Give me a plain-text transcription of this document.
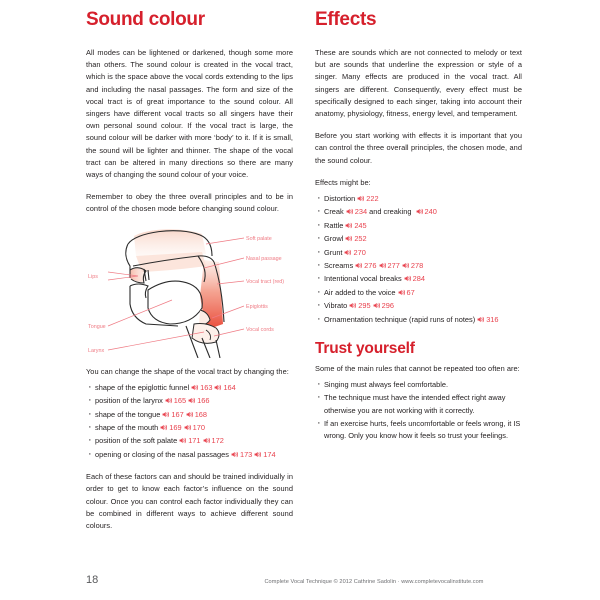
Sound colour

All modes can be lightened or darkened, though some more than others. The sound colour is created in the vocal tract, which is the space above the vocal cords extending to the lips and including the nasal passages. The form and size of the vocal tract is of great importance to the sound colour. All singers have different vocal tracts so all singers have their own personal sound colour. If the vocal tract is large, the sound colour will be darker with more ‘body’ to it. If it is small, the sound will be lighter and thinner. The shape of the vocal tract can be altered in many directions so there are many ways of changing the sound colour of your voice.

Remember to obey the three overall principles and to be in control of the chosen mode before changing sound colour.

Soft palate
Nasal passage
Vocal tract (red)
Epiglottis
Vocal cords
Lips
Tongue
Larynx

You can change the shape of the vocal tract by changing the:

· shape of the epiglottic funnel 163 164
· position of the larynx 165 166
· shape of the tongue 167 168
· shape of the mouth 169 170
· position of the soft palate 171 172
· opening or closing of the nasal passages 173 174

Each of these factors can and should be trained individually in order to get to know each factor’s influence on the sound colour. Once you can control each factor individually they can be combined in different ways to achieve different sound colours.

Effects

These are sounds which are not connected to melody or text but are sounds that underline the expression or style of a singer. Many effects are produced in the vocal tract. All singers are different. Consequently, every effect must be specifically designed to each singer, taking into account their anatomy, physiology, fitness, energy level, and temperament.

Before you start working with effects it is important that you can control the three overall principles, the chosen mode, and the sound colour.

Effects might be:

· Distortion 222
· Creak 234 and creaking
240
· Rattle 245
· Growl 252
· Grunt 270
· Screams 276 277 278
· Intentional vocal breaks 284
· Air added to the voice 67
· Vibrato 295 296
· Ornamentation technique (rapid runs of notes) 316
Trust yourself

Some of the main rules that cannot be repeated too often are:

· Singing must always feel comfortable.
· The technique must have the intended effect right away otherwise you are not working with it correctly.
· If an exercise hurts, feels uncomfortable or feels wrong, it IS wrong. Only you know how it feels so trust your feelings.
18	Complete Vocal Technique © 2012 Cathrine Sadolin · www.completevocalinstitute.com
